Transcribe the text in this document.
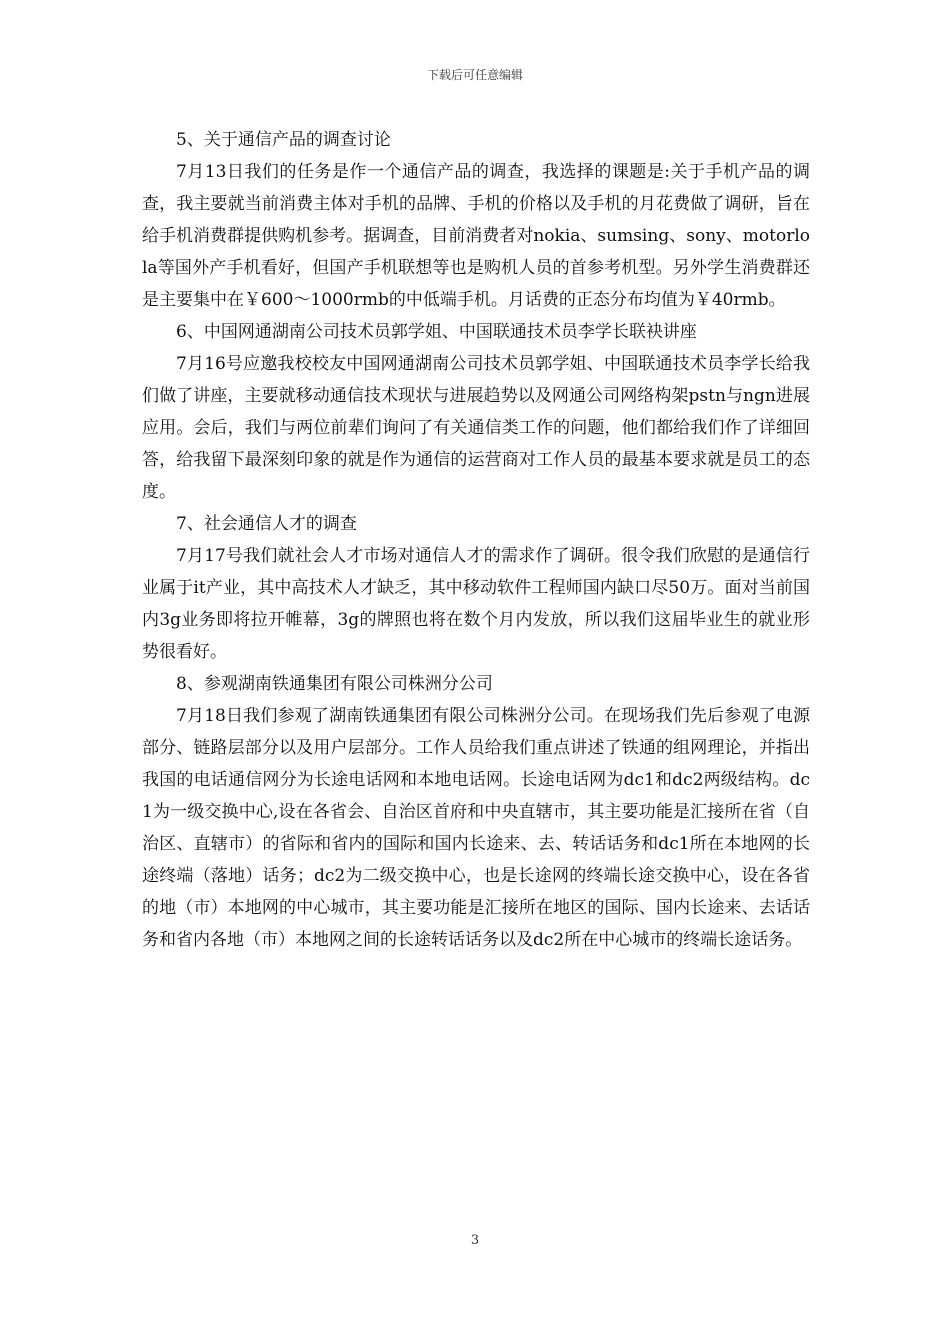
下载后可任意编辑

5、关于通信产品的调查讨论

7月13日我们的任务是作一个通信产品的调查，我选择的课题是:关于手机产品的调查，我主要就当前消费主体对手机的品牌、手机的价格以及手机的月花费做了调研，旨在给手机消费群提供购机参考。据调查，目前消费者对nokia、sumsing、sony、motorlola等国外产手机看好，但国产手机联想等也是购机人员的首参考机型。另外学生消费群还是主要集中在￥600～1000rmb的中低端手机。月话费的正态分布均值为￥40rmb。

6、中国网通湖南公司技术员郭学姐、中国联通技术员李学长联袂讲座

7月16号应邀我校校友中国网通湖南公司技术员郭学姐、中国联通技术员李学长给我们做了讲座，主要就移动通信技术现状与进展趋势以及网通公司网络构架pstn与ngn进展应用。会后，我们与两位前辈们询问了有关通信类工作的问题，他们都给我们作了详细回答，给我留下最深刻印象的就是作为通信的运营商对工作人员的最基本要求就是员工的态度。

7、社会通信人才的调查

7月17号我们就社会人才市场对通信人才的需求作了调研。很令我们欣慰的是通信行业属于it产业，其中高技术人才缺乏，其中移动软件工程师国内缺口尽50万。面对当前国内3g业务即将拉开帷幕，3g的牌照也将在数个月内发放，所以我们这届毕业生的就业形势很看好。

8、参观湖南铁通集团有限公司株洲分公司

7月18日我们参观了湖南铁通集团有限公司株洲分公司。在现场我们先后参观了电源部分、链路层部分以及用户层部分。工作人员给我们重点讲述了铁通的组网理论，并指出我国的电话通信网分为长途电话网和本地电话网。长途电话网为dc1和dc2两级结构。dc1为一级交换中心,设在各省会、自治区首府和中央直辖市，其主要功能是汇接所在省（自治区、直辖市）的省际和省内的国际和国内长途来、去、转话话务和dc1所在本地网的长途终端（落地）话务；dc2为二级交换中心，也是长途网的终端长途交换中心，设在各省的地（市）本地网的中心城市，其主要功能是汇接所在地区的国际、国内长途来、去话话务和省内各地（市）本地网之间的长途转话话务以及dc2所在中心城市的终端长途话务。

3
